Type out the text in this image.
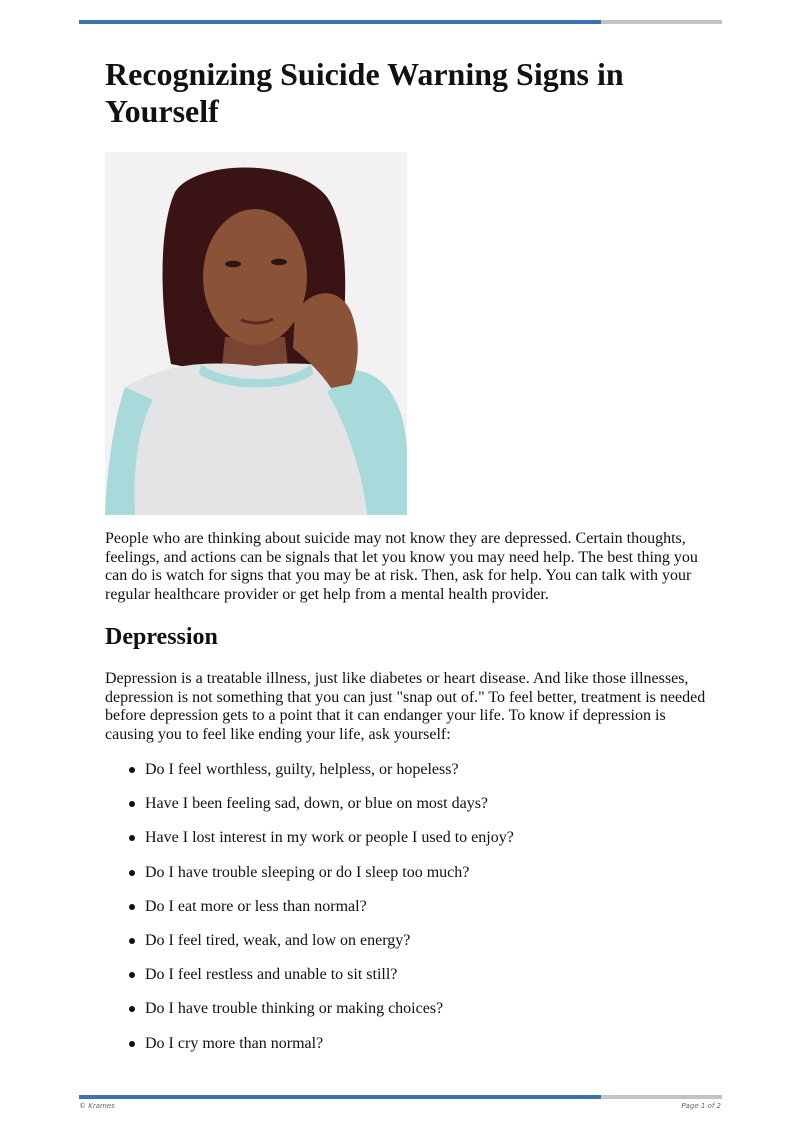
Recognizing Suicide Warning Signs in Yourself

People who are thinking about suicide may not know they are depressed. Certain thoughts, feelings, and actions can be signals that let you know you may need help. The best thing you can do is watch for signs that you may be at risk. Then, ask for help. You can talk with your regular healthcare provider or get help from a mental health provider.

Depression

Depression is a treatable illness, just like diabetes or heart disease. And like those illnesses, depression is not something that you can just "snap out of." To feel better, treatment is needed before depression gets to a point that it can endanger your life. To know if depression is causing you to feel like ending your life, ask yourself:

Do I feel worthless, guilty, helpless, or hopeless?
Have I been feeling sad, down, or blue on most days?
Have I lost interest in my work or people I used to enjoy?
Do I have trouble sleeping or do I sleep too much?
Do I eat more or less than normal?
Do I feel tired, weak, and low on energy?
Do I feel restless and unable to sit still?
Do I have trouble thinking or making choices?
Do I cry more than normal?

© Krames	Page 1 of 2
